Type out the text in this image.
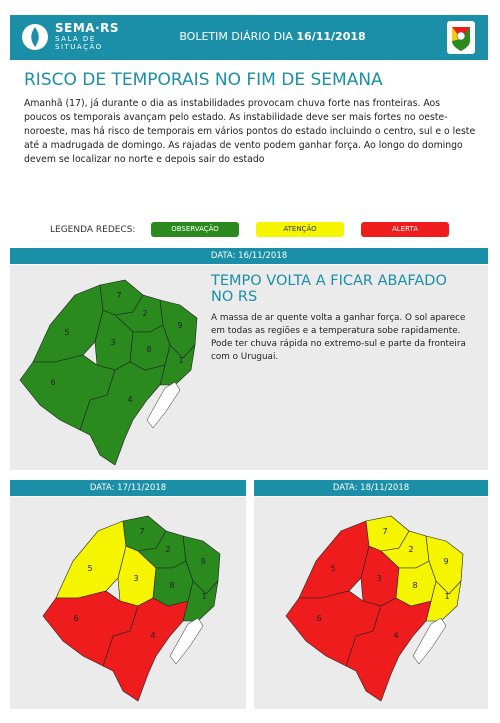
SEMA·RS
SALA DE
SITUAÇÃO
BOLETIM DIÁRIO DIA 16/11/2018
RISCO DE TEMPORAIS NO FIM DE SEMANA

Amanhã (17), já durante o dia as instabilidades provocam chuva forte nas fronteiras. Aos poucos os temporais avançam pelo estado. As instabilidade deve ser mais fortes no oeste-noroeste, mas há risco de temporais em vários pontos do estado incluindo o centro, sul e o leste até a madrugada de domingo. As rajadas de vento podem ganhar força. Ao longo do domingo devem se localizar no norte e depois sair do estado

LEGENDA REDECS:	OBSERVAÇÃO	ATENÇÃO	ALERTA
DATA: 16/11/2018
1
2
3
4
5
6
7
8
9
TEMPO VOLTA A FICAR ABAFADO NO RS

A massa de ar quente volta a ganhar força. O sol aparece em todas as regiões e a temperatura sobe rapidamente. Pode ter chuva rápida no extremo-sul e parte da fronteira com o Uruguai.

DATA: 17/11/2018
1
2
3
4
5
6
7
8
9
DATA: 18/11/2018
1
2
3
4
5
6
7
8
9
